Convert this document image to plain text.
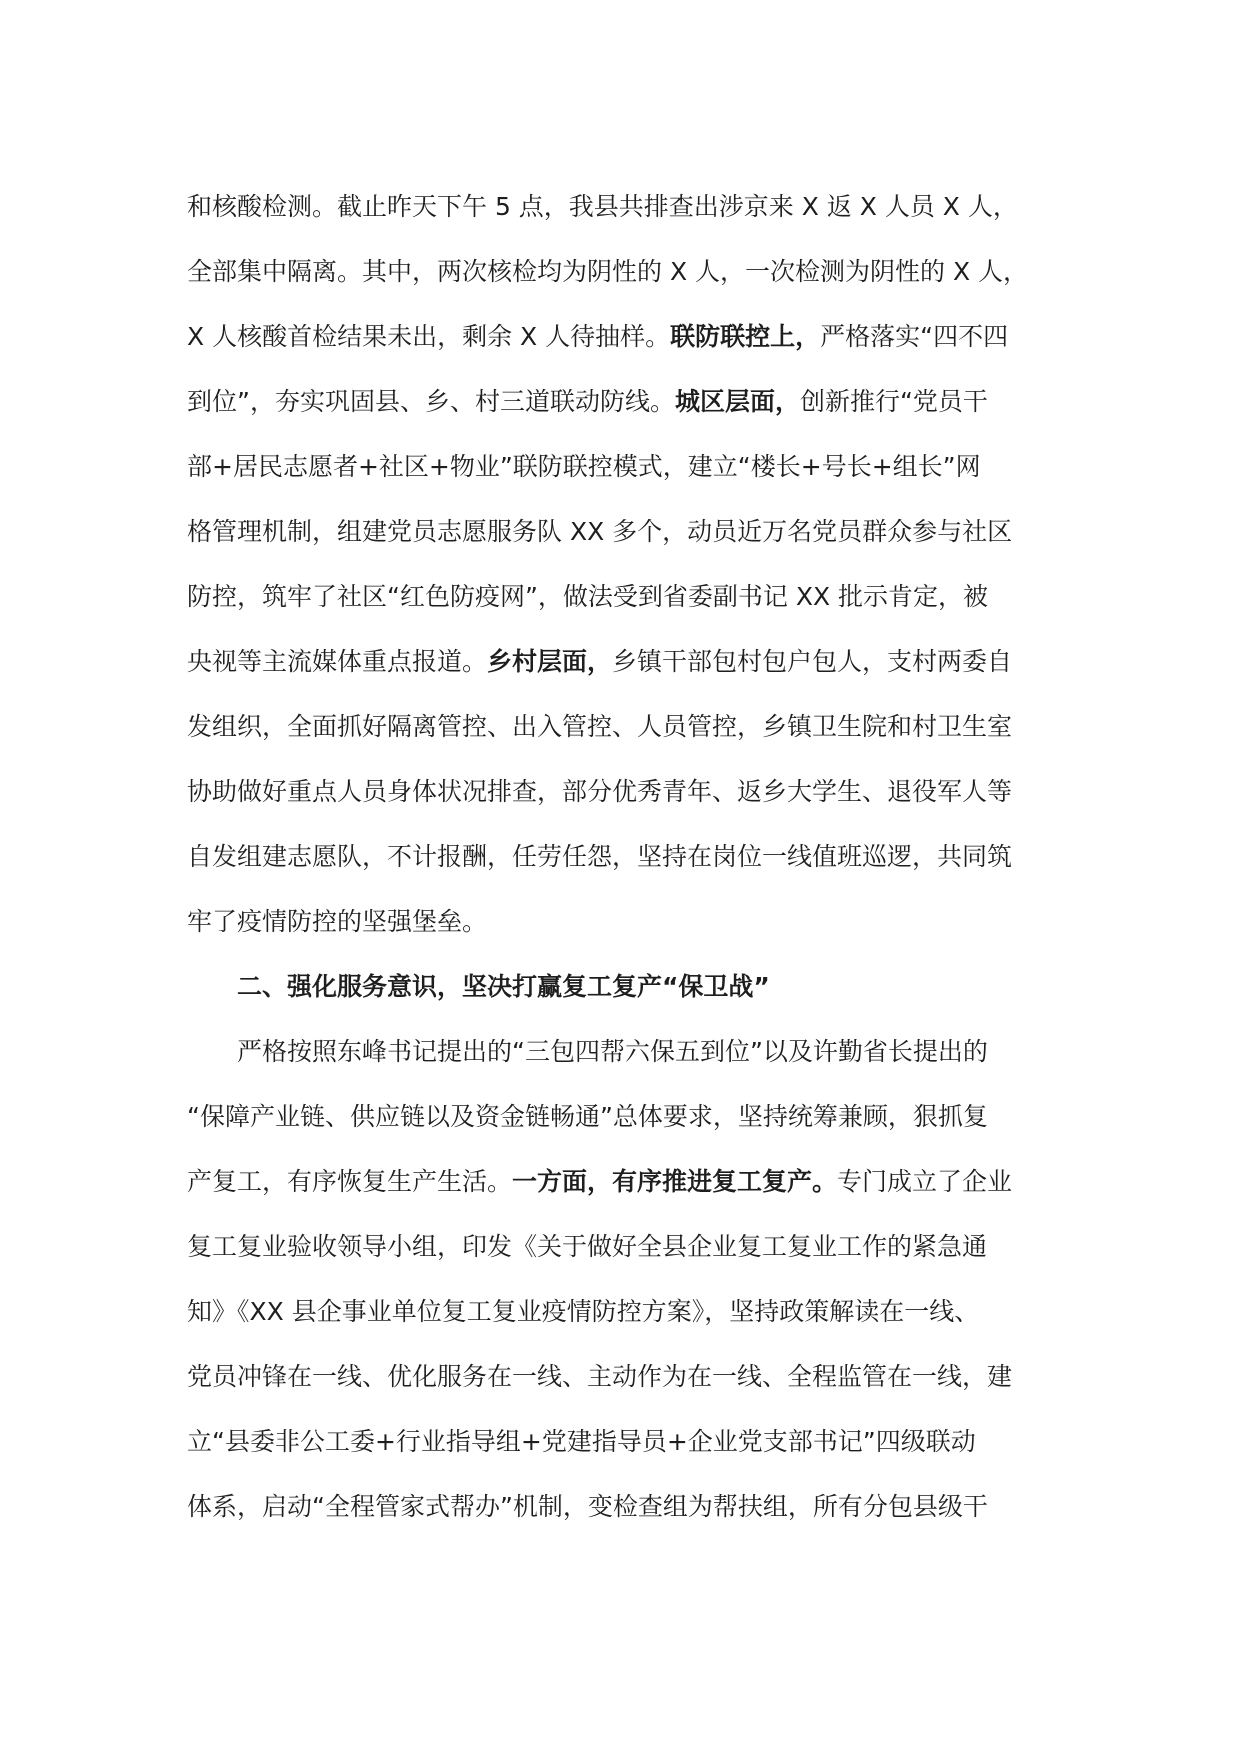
和核酸检测。截止昨天下午 5 点，我县共排查出涉京来 X 返 X 人员 X 人，
全部集中隔离。其中，两次核检均为阴性的 X 人，一次检测为阴性的 X 人，
X 人核酸首检结果未出，剩余 X 人待抽样。联防联控上，严格落实“四不四
到位”，夯实巩固县、乡、村三道联动防线。城区层面，创新推行“党员干
部+居民志愿者+社区+物业”联防联控模式，建立“楼长+号长+组长”网
格管理机制，组建党员志愿服务队 XX 多个，动员近万名党员群众参与社区
防控，筑牢了社区“红色防疫网”，做法受到省委副书记 XX 批示肯定，被
央视等主流媒体重点报道。乡村层面，乡镇干部包村包户包人，支村两委自
发组织，全面抓好隔离管控、出入管控、人员管控，乡镇卫生院和村卫生室
协助做好重点人员身体状况排查，部分优秀青年、返乡大学生、退役军人等
自发组建志愿队，不计报酬，任劳任怨，坚持在岗位一线值班巡逻，共同筑
牢了疫情防控的坚强堡垒。
二、强化服务意识，坚决打赢复工复产“保卫战”
严格按照东峰书记提出的“三包四帮六保五到位”以及许勤省长提出的
“保障产业链、供应链以及资金链畅通”总体要求，坚持统筹兼顾，狠抓复
产复工，有序恢复生产生活。一方面，有序推进复工复产。专门成立了企业
复工复业验收领导小组，印发《关于做好全县企业复工复业工作的紧急通
知》《XX 县企事业单位复工复业疫情防控方案》，坚持政策解读在一线、
党员冲锋在一线、优化服务在一线、主动作为在一线、全程监管在一线，建
立“县委非公工委+行业指导组+党建指导员+企业党支部书记”四级联动
体系，启动“全程管家式帮办”机制，变检查组为帮扶组，所有分包县级干
